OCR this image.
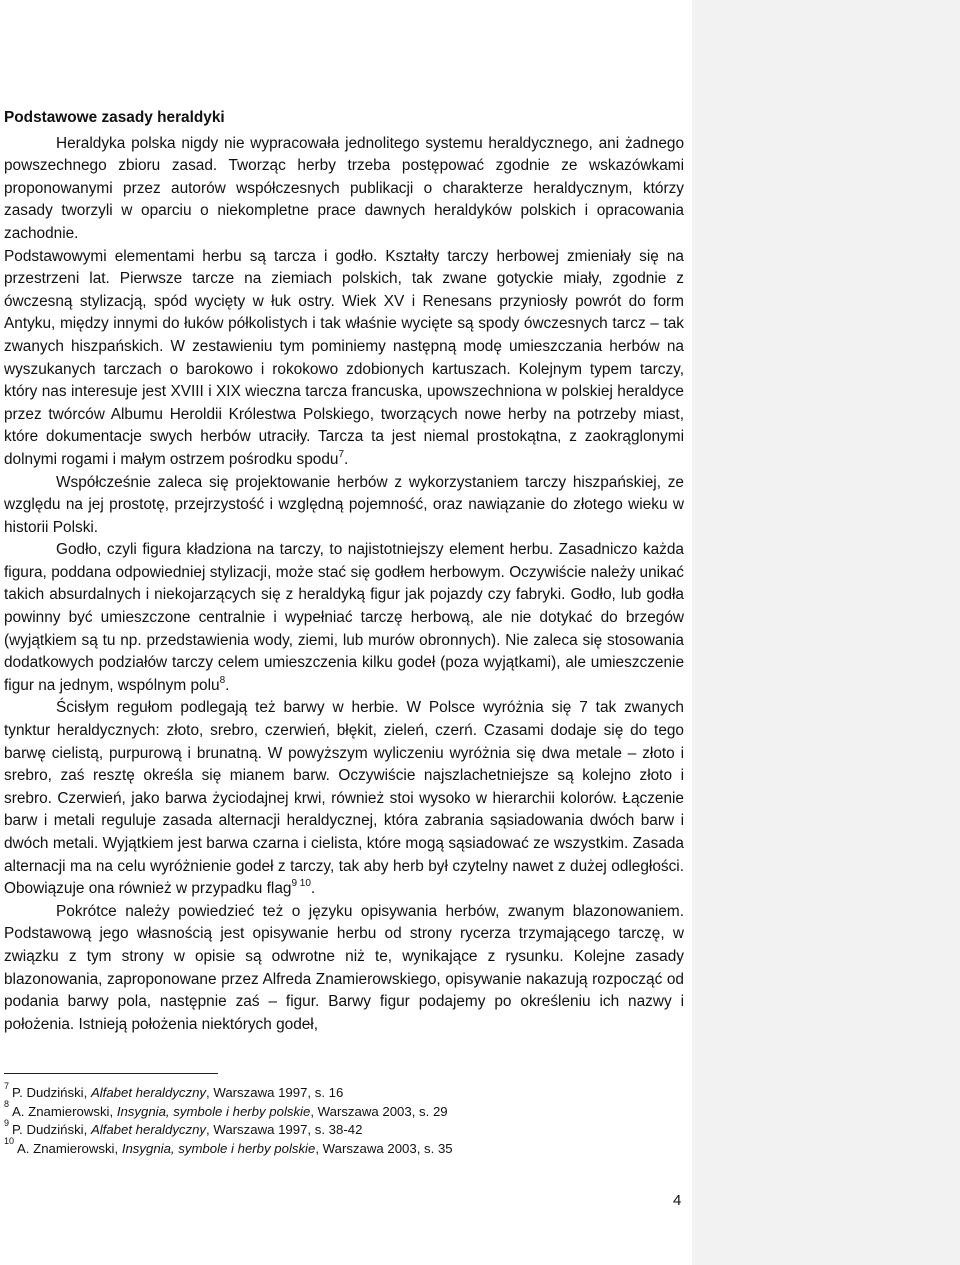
Podstawowe zasady heraldyki

Heraldyka polska nigdy nie wypracowała jednolitego systemu heraldycznego, ani żadnego powszechnego zbioru zasad. Tworząc herby trzeba postępować zgodnie ze wskazówkami proponowanymi przez autorów współczesnych publikacji o charakterze heraldycznym, którzy zasady tworzyli w oparciu o niekompletne prace dawnych heraldyków polskich i opracowania zachodnie.

Podstawowymi elementami herbu są tarcza i godło. Kształty tarczy herbowej zmieniały się na przestrzeni lat. Pierwsze tarcze na ziemiach polskich, tak zwane gotyckie miały, zgodnie z ówczesną stylizacją, spód wycięty w łuk ostry. Wiek XV i Renesans przyniosły powrót do form Antyku, między innymi do łuków półkolistych i tak właśnie wycięte są spody ówczesnych tarcz – tak zwanych hiszpańskich. W zestawieniu tym pominiemy następną modę umieszczania herbów na wyszukanych tarczach o barokowo i rokokowo zdobionych kartuszach. Kolejnym typem tarczy, który nas interesuje jest XVIII i XIX wieczna tarcza francuska, upowszechniona w polskiej heraldyce przez twórców Albumu Heroldii Królestwa Polskiego, tworzących nowe herby na potrzeby miast, które dokumentacje swych herbów utraciły. Tarcza ta jest niemal prostokątna, z zaokrąglonymi dolnymi rogami i małym ostrzem pośrodku spodu$^7$.

Współcześnie zaleca się projektowanie herbów z wykorzystaniem tarczy hiszpańskiej, ze względu na jej prostotę, przejrzystość i względną pojemność, oraz nawiązanie do złotego wieku w historii Polski.

Godło, czyli figura kładziona na tarczy, to najistotniejszy element herbu. Zasadniczo każda figura, poddana odpowiedniej stylizacji, może stać się godłem herbowym. Oczywiście należy unikać takich absurdalnych i niekojarzących się z heraldyką figur jak pojazdy czy fabryki. Godło, lub godła powinny być umieszczone centralnie i wypełniać tarczę herbową, ale nie dotykać do brzegów (wyjątkiem są tu np. przedstawienia wody, ziemi, lub murów obronnych). Nie zaleca się stosowania dodatkowych podziałów tarczy celem umieszczenia kilku godeł (poza wyjątkami), ale umieszczenie figur na jednym, wspólnym polu$^8$.

Ścisłym regułom podlegają też barwy w herbie. W Polsce wyróżnia się 7 tak zwanych tynktur heraldycznych: złoto, srebro, czerwień, błękit, zieleń, czerń. Czasami dodaje się do tego barwę cielistą, purpurową i brunatną. W powyższym wyliczeniu wyróżnia się dwa metale – złoto i srebro, zaś resztę określa się mianem barw. Oczywiście najszlachetniejsze są kolejno złoto i srebro. Czerwień, jako barwa życiodajnej krwi, również stoi wysoko w hierarchii kolorów. Łączenie barw i metali reguluje zasada alternacji heraldycznej, która zabrania sąsiadowania dwóch barw i dwóch metali. Wyjątkiem jest barwa czarna i cielista, które mogą sąsiadować ze wszystkim. Zasada alternacji ma na celu wyróżnienie godeł z tarczy, tak aby herb był czytelny nawet z dużej odległości. Obowiązuje ona również w przypadku flag$^{9 10}$.

Pokrótce należy powiedzieć też o języku opisywania herbów, zwanym blazonowaniem. Podstawową jego własnością jest opisywanie herbu od strony rycerza trzymającego tarczę, w związku z tym strony w opisie są odwrotne niż te, wynikające z rysunku. Kolejne zasady blazonowania, zaproponowane przez Alfreda Znamierowskiego, opisywanie nakazują rozpocząć od podania barwy pola, następnie zaś – figur. Barwy figur podajemy po określeniu ich nazwy i położenia. Istnieją położenia niektórych godeł,

$^7$ P. Dudziński, Alfabet heraldyczny, Warszawa 1997, s. 16
$^8$ A. Znamierowski, Insygnia, symbole i herby polskie, Warszawa 2003, s. 29
$^9$ P. Dudziński, Alfabet heraldyczny, Warszawa 1997, s. 38-42
$^{10}$ A. Znamierowski, Insygnia, symbole i herby polskie, Warszawa 2003, s. 35
4
